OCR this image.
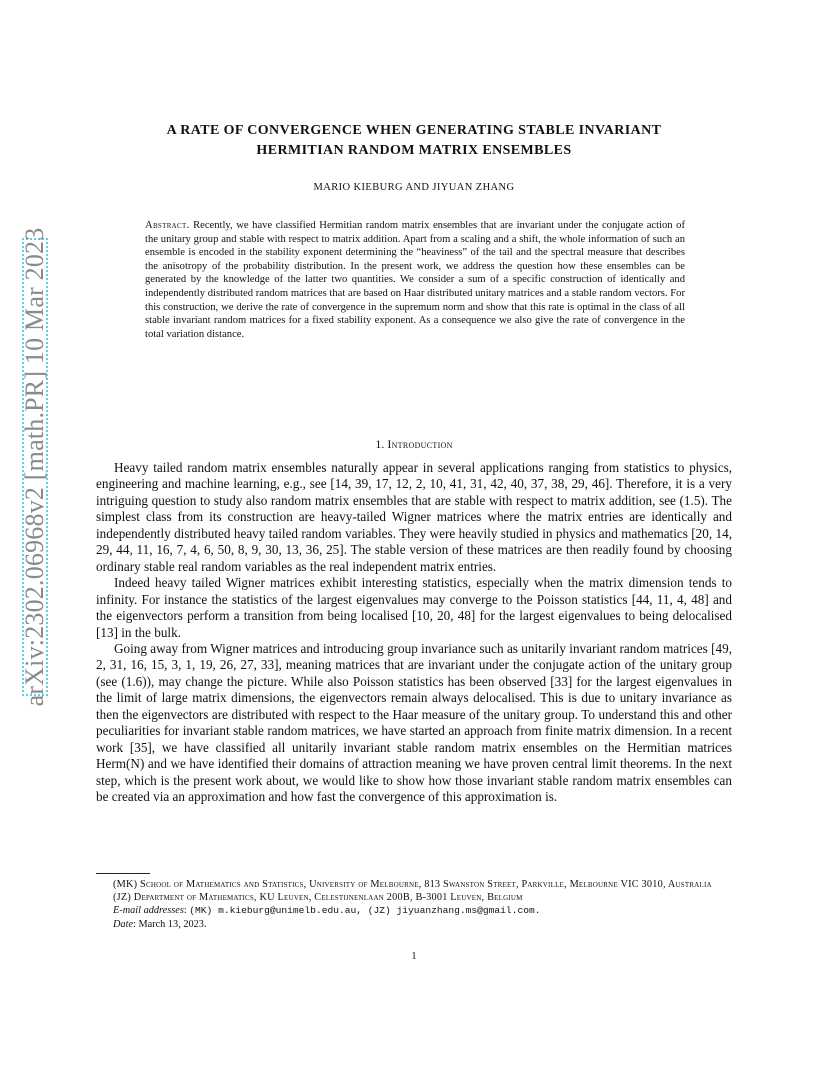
arXiv:2302.06968v2 [math.PR] 10 Mar 2023
A RATE OF CONVERGENCE WHEN GENERATING STABLE INVARIANT
HERMITIAN RANDOM MATRIX ENSEMBLES
MARIO KIEBURG AND JIYUAN ZHANG
Abstract. Recently, we have classified Hermitian random matrix ensembles that are invariant under the conjugate action of the unitary group and stable with respect to matrix addition. Apart from a scaling and a shift, the whole information of such an ensemble is encoded in the stability exponent determining the “heaviness” of the tail and the spectral measure that describes the anisotropy of the probability distribution. In the present work, we address the question how these ensembles can be generated by the knowledge of the latter two quantities. We consider a sum of a specific construction of identically and independently distributed random matrices that are based on Haar distributed unitary matrices and a stable random vectors. For this construction, we derive the rate of convergence in the supremum norm and show that this rate is optimal in the class of all stable invariant random matrices for a fixed stability exponent. As a consequence we also give the rate of convergence in the total variation distance.
1. Introduction

Heavy tailed random matrix ensembles naturally appear in several applications ranging from statistics to physics, engineering and machine learning, e.g., see [14, 39, 17, 12, 2, 10, 41, 31, 42, 40, 37, 38, 29, 46]. Therefore, it is a very intriguing question to study also random matrix ensembles that are stable with respect to matrix addition, see (1.5). The simplest class from its construction are heavy-tailed Wigner matrices where the matrix entries are identically and independently distributed heavy tailed random variables. They were heavily studied in physics and mathematics [20, 14, 29, 44, 11, 16, 7, 4, 6, 50, 8, 9, 30, 13, 36, 25]. The stable version of these matrices are then readily found by choosing ordinary stable real random variables as the real independent matrix entries.

Indeed heavy tailed Wigner matrices exhibit interesting statistics, especially when the matrix dimension tends to infinity. For instance the statistics of the largest eigenvalues may converge to the Poisson statistics [44, 11, 4, 48] and the eigenvectors perform a transition from being localised [10, 20, 48] for the largest eigenvalues to being delocalised [13] in the bulk.

Going away from Wigner matrices and introducing group invariance such as unitarily invariant random matrices [49, 2, 31, 16, 15, 3, 1, 19, 26, 27, 33], meaning matrices that are invariant under the conjugate action of the unitary group (see (1.6)), may change the picture. While also Poisson statistics has been observed [33] for the largest eigenvalues in the limit of large matrix dimensions, the eigenvectors remain always delocalised. This is due to unitary invariance as then the eigenvectors are distributed with respect to the Haar measure of the unitary group. To understand this and other peculiarities for invariant stable random matrices, we have started an approach from finite matrix dimension. In a recent work [35], we have classified all unitarily invariant stable random matrix ensembles on the Hermitian matrices Herm(N) and we have identified their domains of attraction meaning we have proven central limit theorems. In the next step, which is the present work about, we would like to show how those invariant stable random matrix ensembles can be created via an approximation and how fast the convergence of this approximation is.

(MK) School of Mathematics and Statistics, University of Melbourne, 813 Swanston Street, Parkville, Melbourne VIC 3010, Australia

(JZ) Department of Mathematics, KU Leuven, Celestijnenlaan 200B, B-3001 Leuven, Belgium

E-mail addresses: (MK) m.kieburg@unimelb.edu.au, (JZ) jiyuanzhang.ms@gmail.com.

Date: March 13, 2023.

1
